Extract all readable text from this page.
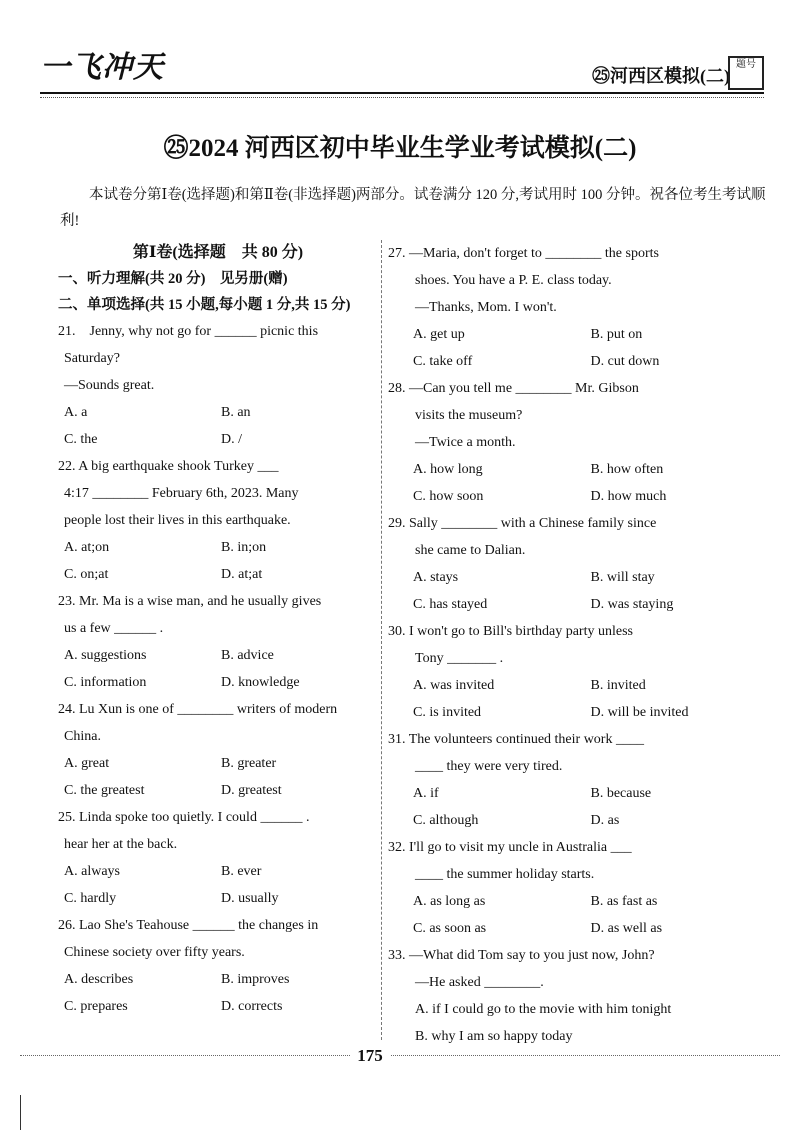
一飞冲天	㉕河西区模拟(二)
题号
㉕2024 河西区初中毕业生学业考试模拟(二)
本试卷分第Ⅰ卷(选择题)和第Ⅱ卷(非选择题)两部分。试卷满分 120 分,考试用时 100 分钟。祝各位考生考试顺利!
第Ⅰ卷(选择题　共 80 分)
一、听力理解(共 20 分)　见另册(赠)
二、单项选择(共 15 小题,每小题 1 分,共 15 分)

21.　Jenny, why not go for ______ picnic this

Saturday?

—Sounds great.

A. a	B. an
C. the	D. /

22. A big earthquake shook Turkey ___

4:17 ________ February 6th, 2023. Many

people lost their lives in this earthquake.

A. at;on	B. in;on
C. on;at	D. at;at

23. Mr. Ma is a wise man, and he usually gives

us a few ______ .

A. suggestions	B. advice
C. information	D. knowledge

24. Lu Xun is one of ________ writers of modern

China.

A. great	B. greater
C. the greatest	D. greatest

25. Linda spoke too quietly. I could ______ .

hear her at the back.

A. always	B. ever
C. hardly	D. usually

26. Lao She's Teahouse ______ the changes in

Chinese society over fifty years.

A. describes	B. improves
C. prepares	D. corrects

27. —Maria, don't forget to ________ the sports

shoes. You have a P. E. class today.

—Thanks, Mom. I won't.

A. get up	B. put on
C. take off	D. cut down

28. —Can you tell me ________ Mr. Gibson

visits the museum?

—Twice a month.

A. how long	B. how often
C. how soon	D. how much

29. Sally ________ with a Chinese family since

she came to Dalian.

A. stays	B. will stay
C. has stayed	D. was staying

30. I won't go to Bill's birthday party unless

Tony _______ .

A. was invited	B. invited
C. is invited	D. will be invited

31. The volunteers continued their work ____

____ they were very tired.

A. if	B. because
C. although	D. as

32. I'll go to visit my uncle in Australia ___

____ the summer holiday starts.

A. as long as	B. as fast as
C. as soon as	D. as well as

33. —What did Tom say to you just now, John?

—He asked ________.

A. if I could go to the movie with him tonight

B. why I am so happy today

175
